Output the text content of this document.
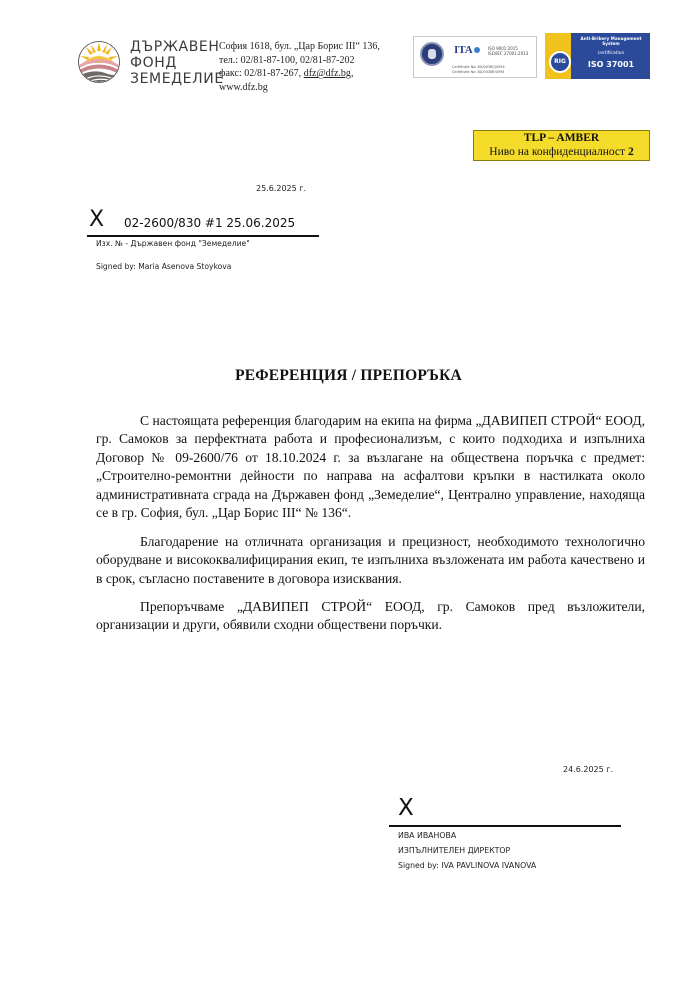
ДЪРЖАВЕН
ФОНД
ЗЕМЕДЕЛИЕ
София 1618, бул. „Цар Борис III“ 136,
тел.: 02/81-87-100, 02/81-87-202
факс: 02/81-87-267, dfz@dfz.bg,
www.dfz.bg
ITA	ISO 9001:2015
ISO/IEC 27001:2013
Certificate No: BG/0038Q/0594
Certificate No: BG/0038R/0594
RIG
Anti-Bribery Management System
certification
ISO 37001
TLP – AMBER
Ниво на конфиденциалност 2
25.6.2025 г.
X 02-2600/830 #1 25.06.2025
Изх. № - Държавен фонд "Земеделие"
Signed by: Maria Asenova Stoykova
РЕФЕРЕНЦИЯ / ПРЕПОРЪКА

С настоящата референция благодарим на екипа на фирма „ДАВИПЕП СТРОЙ“ ЕООД, гр. Самоков за перфектната работа и професионализъм, с които подходиха и изпълниха Договор № 09-2600/76 от 18.10.2024 г. за възлагане на обществена поръчка с предмет: „Строително-ремонтни дейности по направа на асфалтови кръпки в настилката около административната сграда на Държавен фонд „Земеделие“, Централно управление, находяща се в гр. София, бул. „Цар Борис III“ № 136“.

Благодарение на отличната организация и прецизност, необходимото технологично оборудване и висококвалифицирания екип, те изпълниха възложената им работа качествено и в срок, съгласно поставените в договора изисквания.

Препоръчваме „ДАВИПЕП СТРОЙ“ ЕООД, гр. Самоков пред възложители, организации и други, обявили сходни обществени поръчки.

24.6.2025 г.
X
ИВА ИВАНОВА
ИЗПЪЛНИТЕЛЕН ДИРЕКТОР
Signed by: IVA PAVLINOVA IVANOVA
